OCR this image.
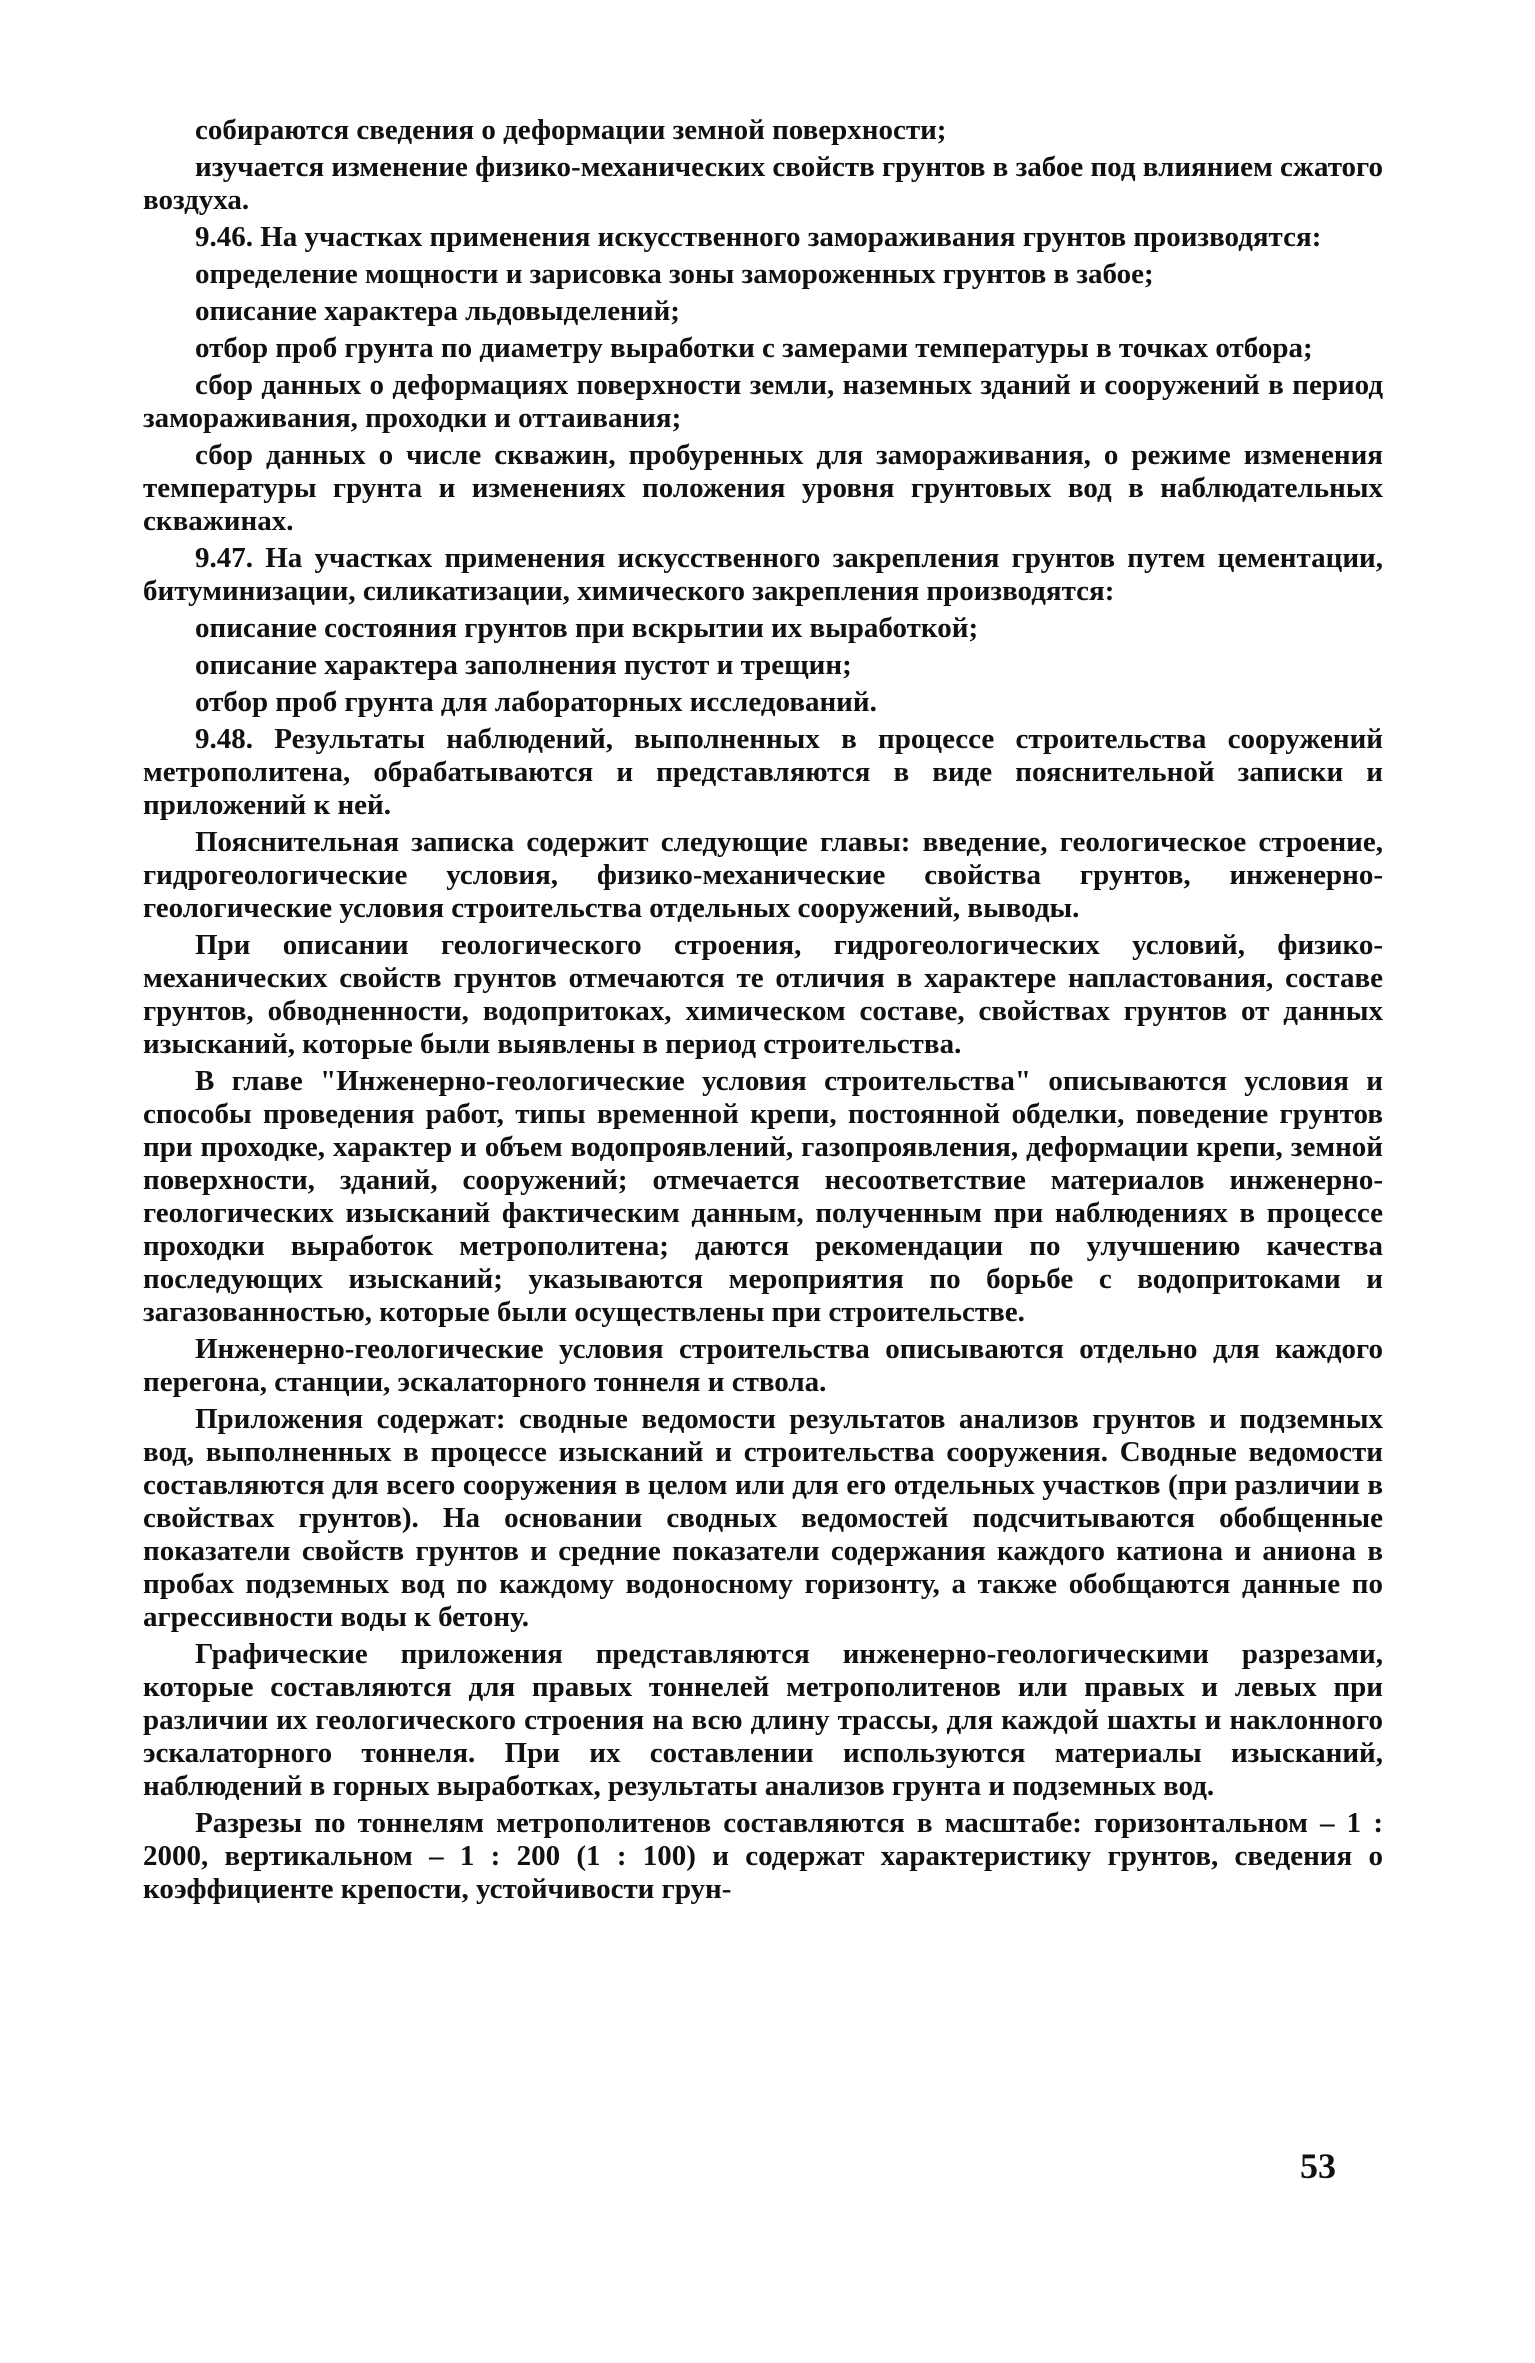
собираются сведения о деформации земной поверхности;

изучается изменение физико-механических свойств грунтов в забое под влиянием сжатого воздуха.

9.46. На участках применения искусственного замораживания грунтов производятся:

определение мощности и зарисовка зоны замороженных грунтов в забое;

описание характера льдовыделений;

отбор проб грунта по диаметру выработки с замерами температуры в точках отбора;

сбор данных о деформациях поверхности земли, наземных зданий и сооружений в период замораживания, проходки и оттаивания;

сбор данных о числе скважин, пробуренных для замораживания, о режиме изменения температуры грунта и изменениях положения уровня грунтовых вод в наблюдательных скважинах.

9.47. На участках применения искусственного закрепления грунтов путем цементации, битуминизации, силикатизации, химического закрепления производятся:

описание состояния грунтов при вскрытии их выработкой;

описание характера заполнения пустот и трещин;

отбор проб грунта для лабораторных исследований.

9.48. Результаты наблюдений, выполненных в процессе строительства сооружений метрополитена, обрабатываются и представляются в виде пояснительной записки и приложений к ней.

Пояснительная записка содержит следующие главы: введение, геологическое строение, гидрогеологические условия, физико-механические свойства грунтов, инженерно-геологические условия строительства отдельных сооружений, выводы.

При описании геологического строения, гидрогеологических условий, физико-механических свойств грунтов отмечаются те отличия в характере напластования, составе грунтов, обводненности, водопритоках, химическом составе, свойствах грунтов от данных изысканий, которые были выявлены в период строительства.

В главе "Инженерно-геологические условия строительства" описываются условия и способы проведения работ, типы временной крепи, постоянной обделки, поведение грунтов при проходке, характер и объем водопроявлений, газопроявления, деформации крепи, земной поверхности, зданий, сооружений; отмечается несоответствие материалов инженерно-геологических изысканий фактическим данным, полученным при наблюдениях в процессе проходки выработок метрополитена; даются рекомендации по улучшению качества последующих изысканий; указываются мероприятия по борьбе с водопритоками и загазованностью, которые были осуществлены при строительстве.

Инженерно-геологические условия строительства описываются отдельно для каждого перегона, станции, эскалаторного тоннеля и ствола.

Приложения содержат: сводные ведомости результатов анализов грунтов и подземных вод, выполненных в процессе изысканий и строительства сооружения. Сводные ведомости составляются для всего сооружения в целом или для его отдельных участков (при различии в свойствах грунтов). На основании сводных ведомостей подсчитываются обобщенные показатели свойств грунтов и средние показатели содержания каждого катиона и аниона в пробах подземных вод по каждому водоносному горизонту, а также обобщаются данные по агрессивности воды к бетону.

Графические приложения представляются инженерно-геологическими разрезами, которые составляются для правых тоннелей метрополитенов или правых и левых при различии их геологического строения на всю длину трассы, для каждой шахты и наклонного эскалаторного тоннеля. При их составлении используются материалы изысканий, наблюдений в горных выработках, результаты анализов грунта и подземных вод.

Разрезы по тоннелям метрополитенов составляются в масштабе: горизонтальном – 1 : 2000, вертикальном – 1 : 200 (1 : 100) и содержат характеристику грунтов, сведения о коэффициенте крепости, устойчивости грун-

53
